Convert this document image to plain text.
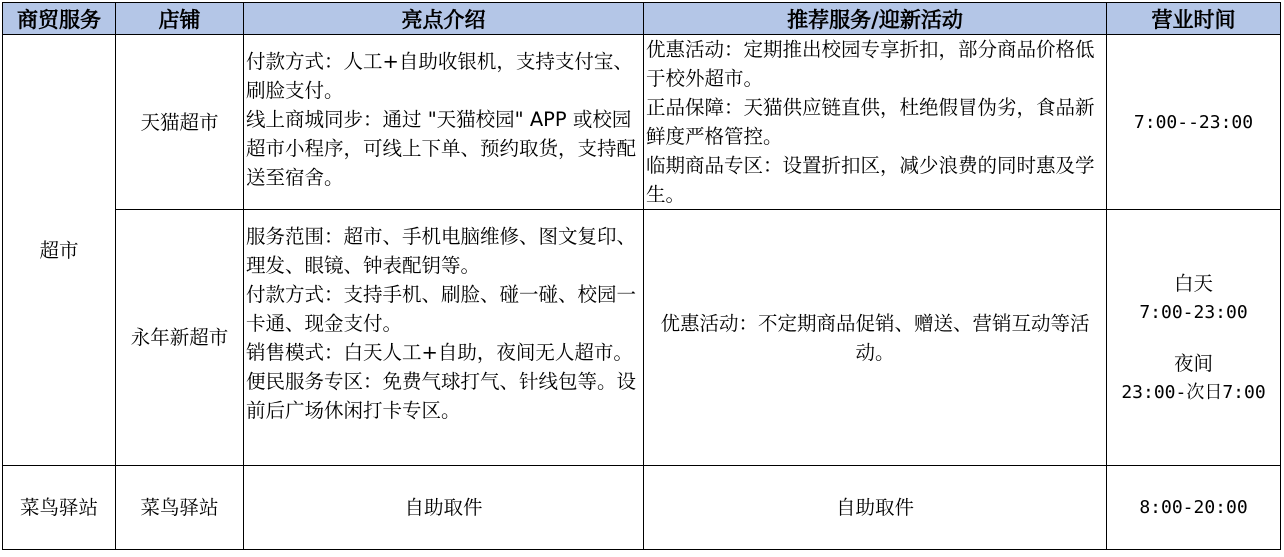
商贸服务	店铺	亮点介绍	推荐服务/迎新活动	营业时间
超市	天猫超市	付款方式：人工+自助收银机，支持支付宝、刷脸支付。
线上商城同步：通过 "天猫校园" APP 或校园超市小程序，可线上下单、预约取货，支持配送至宿舍。	优惠活动：定期推出校园专享折扣，部分商品价格低于校外超市。
正品保障：天猫供应链直供，杜绝假冒伪劣，食品新鲜度严格管控。
临期商品专区：设置折扣区，减少浪费的同时惠及学生。	7:00--23:00

	永年新超市	服务范围：超市、手机电脑维修、图文复印、理发、眼镜、钟表配钥等。
付款方式：支持手机、刷脸、碰一碰、校园一卡通、现金支付。
销售模式：白天人工+自助，夜间无人超市。
便民服务专区：免费气球打气、针线包等。设前后广场休闲打卡专区。	优惠活动：不定期商品促销、赠送、营销互动等活动。	白天
7:00-23:00
夜间
23:00-次日7:00

菜鸟驿站	菜鸟驿站	自助取件	自助取件	8:00-20:00
